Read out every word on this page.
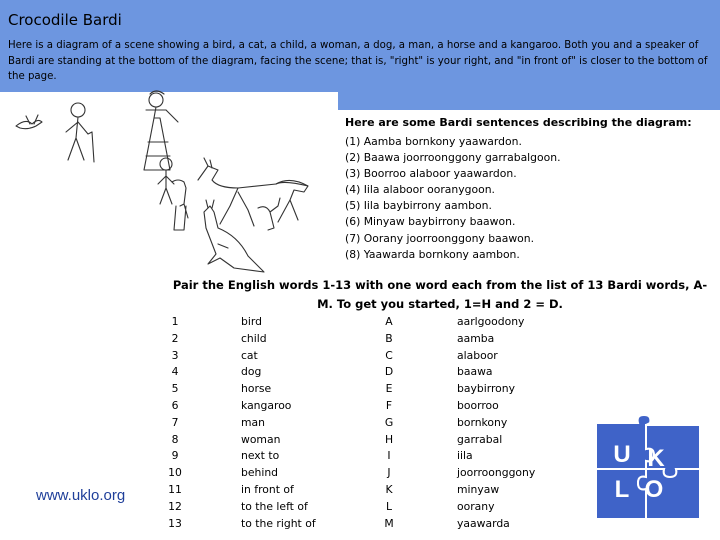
Crocodile Bardi
Here is a diagram of a scene showing a bird, a cat, a child, a woman, a dog, a man, a horse and a kangaroo. Both you and a speaker of Bardi are standing at the bottom of the diagram, facing the scene; that is, "right" is your right, and "in front of" is closer to the bottom of the page.
Here are some Bardi sentences describing the diagram:
(1) Aamba bornkony yaawardon.
(2) Baawa joorroonggony garrabalgoon.
(3) Boorroo alaboor yaawardon.
(4) Iila alaboor ooranygoon.
(5) Iila baybirrony aambon.
(6) Minyaw baybirrony baawon.
(7) Oorany joorroonggony baawon.
(8) Yaawarda bornkony aambon.
Pair the English words 1-13 with one word each from the list of 13 Bardi words, A-M. To get you started, 1=H and 2 = D.
1
2
3
4
5
6
7
8
9
10
11
12
13
bird
child
cat
dog
horse
kangaroo
man
woman
next to
behind
in front of
to the left of
to the right of
A
B
C
D
E
F
G
H
I
J
K
L
M
aarlgoodony
aamba
alaboor
baawa
baybirrony
boorroo
bornkony
garrabal
iila
joorroonggony
minyaw
oorany
yaawarda
www.uklo.org
U K
L O
